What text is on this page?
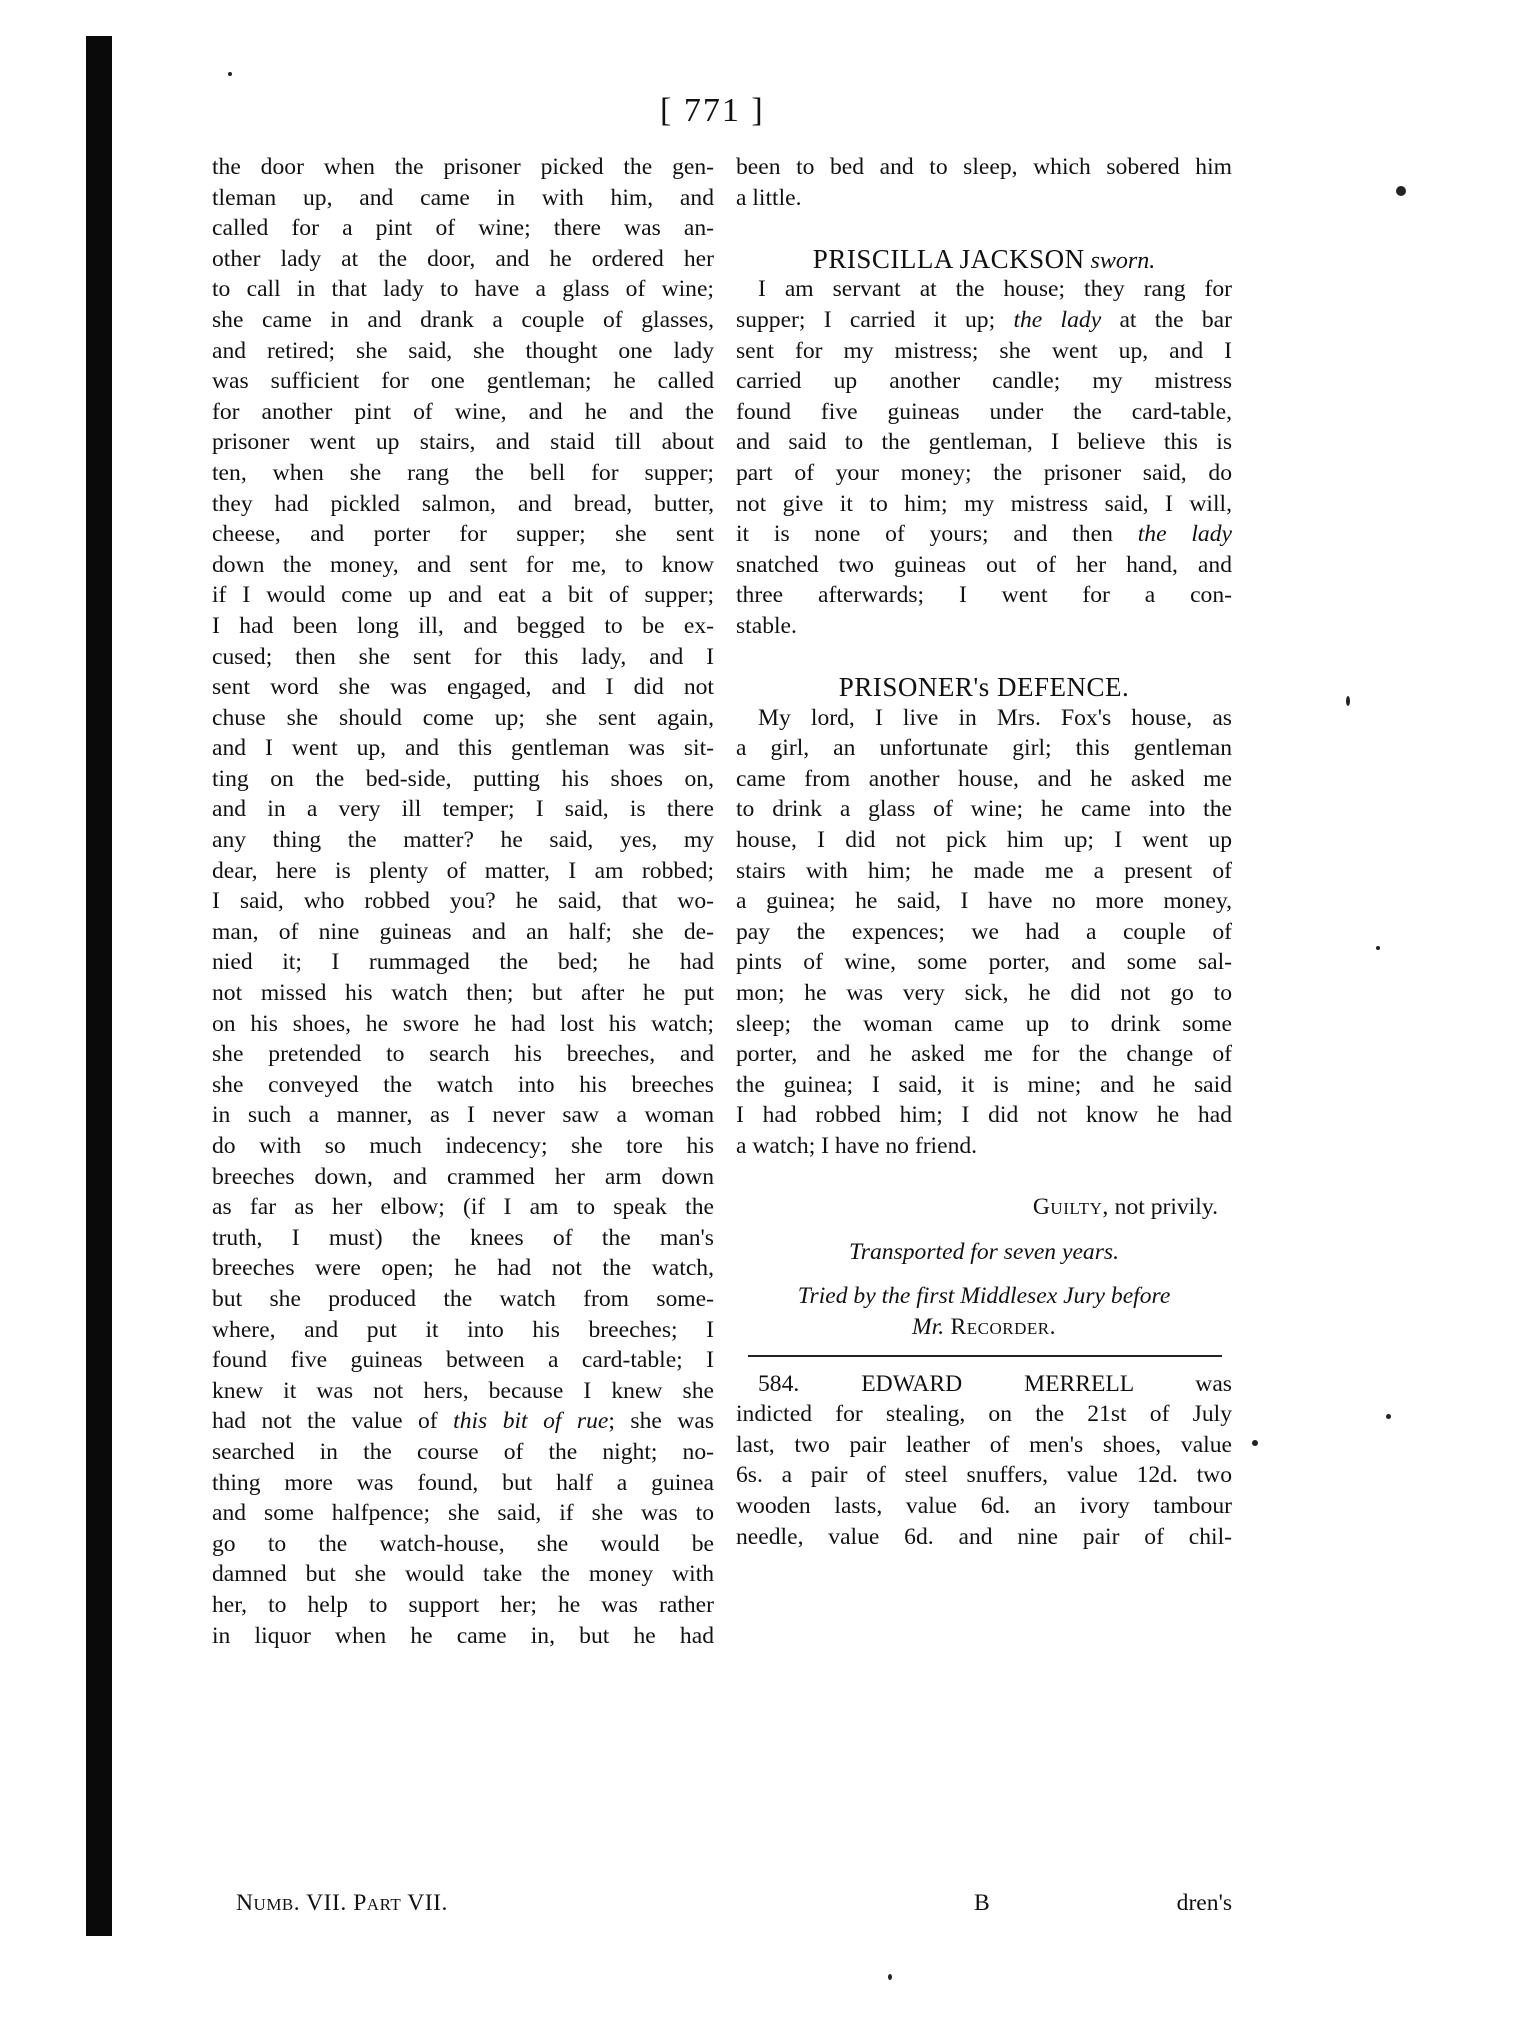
[ 771 ]
the door when the prisoner picked the gen-
tleman up, and came in with him, and
called for a pint of wine; there was an-
other lady at the door, and he ordered her
to call in that lady to have a glass of wine;
she came in and drank a couple of glasses,
and retired; she said, she thought one lady
was sufficient for one gentleman; he called
for another pint of wine, and he and the
prisoner went up stairs, and staid till about
ten, when she rang the bell for supper;
they had pickled salmon, and bread, butter,
cheese, and porter for supper; she sent
down the money, and sent for me, to know
if I would come up and eat a bit of supper;
I had been long ill, and begged to be ex-
cused; then she sent for this lady, and I
sent word she was engaged, and I did not
chuse she should come up; she sent again,
and I went up, and this gentleman was sit-
ting on the bed-side, putting his shoes on,
and in a very ill temper; I said, is there
any thing the matter? he said, yes, my
dear, here is plenty of matter, I am robbed;
I said, who robbed you? he said, that wo-
man, of nine guineas and an half; she de-
nied it; I rummaged the bed; he had
not missed his watch then; but after he put
on his shoes, he swore he had lost his watch;
she pretended to search his breeches, and
she conveyed the watch into his breeches
in such a manner, as I never saw a woman
do with so much indecency; she tore his
breeches down, and crammed her arm down
as far as her elbow; (if I am to speak the
truth, I must) the knees of the man's
breeches were open; he had not the watch,
but she produced the watch from some-
where, and put it into his breeches; I
found five guineas between a card-table; I
knew it was not hers, because I knew she
had not the value of this bit of rue; she was
searched in the course of the night; no-
thing more was found, but half a guinea
and some halfpence; she said, if she was to
go to the watch-house, she would be
damned but she would take the money with
her, to help to support her; he was rather
in liquor when he came in, but he had
been to bed and to sleep, which sobered him
a little.
PRISCILLA JACKSON sworn.
I am servant at the house; they rang for
supper; I carried it up; the lady at the bar
sent for my mistress; she went up, and I
carried up another candle; my mistress
found five guineas under the card-table,
and said to the gentleman, I believe this is
part of your money; the prisoner said, do
not give it to him; my mistress said, I will,
it is none of yours; and then the lady
snatched two guineas out of her hand, and
three afterwards; I went for a con-
stable.
PRISONER's DEFENCE.
My lord, I live in Mrs. Fox's house, as
a girl, an unfortunate girl; this gentleman
came from another house, and he asked me
to drink a glass of wine; he came into the
house, I did not pick him up; I went up
stairs with him; he made me a present of
a guinea; he said, I have no more money,
pay the expences; we had a couple of
pints of wine, some porter, and some sal-
mon; he was very sick, he did not go to
sleep; the woman came up to drink some
porter, and he asked me for the change of
the guinea; I said, it is mine; and he said
I had robbed him; I did not know he had
a watch; I have no friend.
Guilty, not privily.
Transported for seven years.
Tried by the first Middlesex Jury before
Mr. Recorder.
584. EDWARD MERRELL	was
indicted for stealing, on the 21st of July
last, two pair leather of men's shoes, value
6s. a pair of steel snuffers, value 12d. two
wooden lasts, value 6d. an ivory tambour
needle, value 6d. and nine pair of chil-
Numb. VII. Part VII.	B	dren's
